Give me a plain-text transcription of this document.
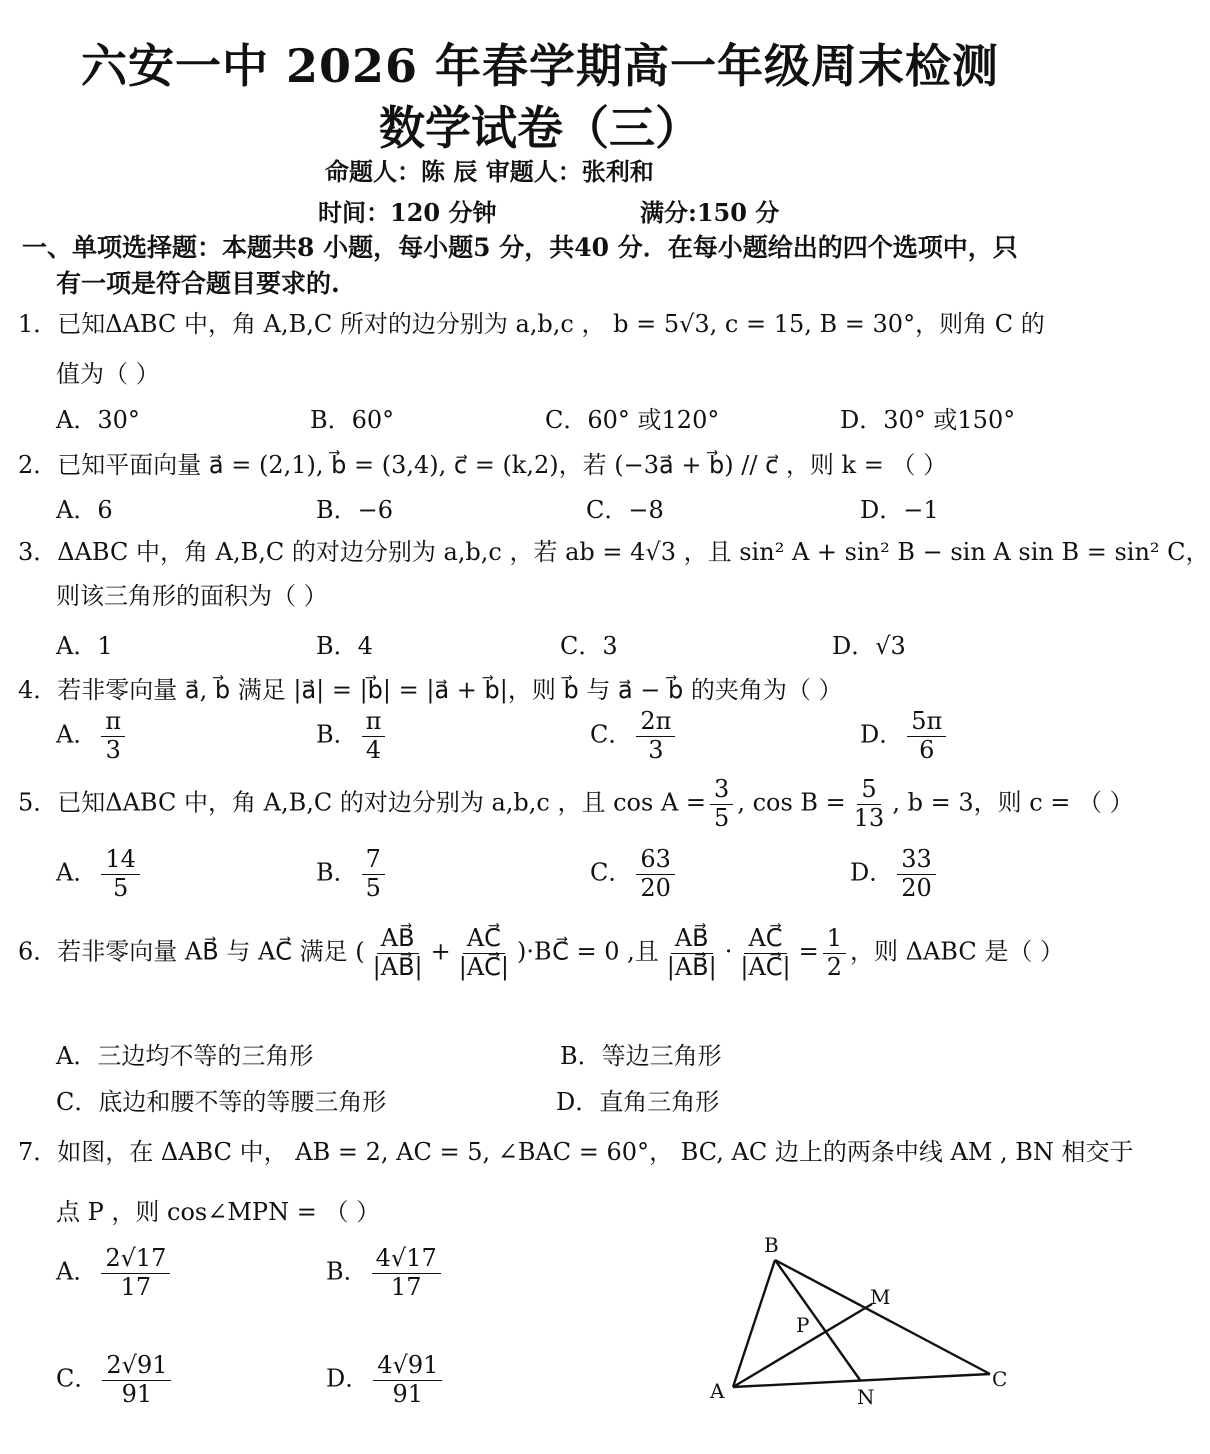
六安一中 2026 年春学期高一年级周末检测
数学试卷（三）
命题人：陈 辰 审题人：张利和
时间：120 分钟	满分:150 分
一、单项选择题：本题共8 小题，每小题5 分，共40 分．在每小题给出的四个选项中，只
有一项是符合题目要求的.
1．已知ΔABC 中，角 A,B,C 所对的边分别为 a,b,c ， b = 5√3, c = 15, B = 30°，则角 C 的
值为（ ）
A．30°	B．60°	C．60° 或120°	D．30° 或150°
2．已知平面向量 a⃗ = (2,1), b⃗ = (3,4), c⃗ = (k,2)，若 (−3a⃗ + b⃗) // c⃗ ，则 k = （ ）
A．6	B．−6	C．−8	D．−1
3．ΔABC 中，角 A,B,C 的对边分别为 a,b,c ，若 ab = 4√3 ，且 sin² A + sin² B − sin A sin B = sin² C，
则该三角形的面积为（ ）
A．1	B．4	C．3	D．√3
4．若非零向量 a⃗, b⃗ 满足 |a⃗| = |b⃗| = |a⃗ + b⃗|，则 b⃗ 与 a⃗ − b⃗ 的夹角为（ ）
A． $\frac{\pi}{3}$	B． $\frac{\pi}{4}$	C． $\frac{2\pi}{3}$	D． $\frac{5\pi}{6}$
5．已知ΔABC 中，角 A,B,C 的对边分别为 a,b,c ，且 $\cos A = \frac{3}{5}$ , $\cos B = \frac{5}{13}$ , b = 3，则 c = （ ）
A． $\frac{14}{5}$	B． $\frac{7}{5}$	C． $\frac{63}{20}$	D． $\frac{33}{20}$
6．若非零向量 AB⃗ 与 AC⃗ 满足 ( $\frac{AB⃗}{|AB⃗|} + \frac{AC⃗}{|AC⃗|}$ )·BC⃗ = 0 ,且 $\frac{AB⃗}{|AB⃗|} \cdot \frac{AC⃗}{|AC⃗|} = \frac{1}{2}$ ，则 ΔABC 是（ ）
A．三边均不等的三角形	B．等边三角形
C．底边和腰不等的等腰三角形	D．直角三角形
7．如图，在 ΔABC 中， AB = 2, AC = 5, ∠BAC = 60°， BC, AC 边上的两条中线 AM , BN 相交于
点 P ，则 cos∠MPN = （ ）
A． $\frac{2√17}{17}$	B． $\frac{4√17}{17}$
C． $\frac{2√91}{91}$	D． $\frac{4√91}{91}$
B
M
P
A	N
C
